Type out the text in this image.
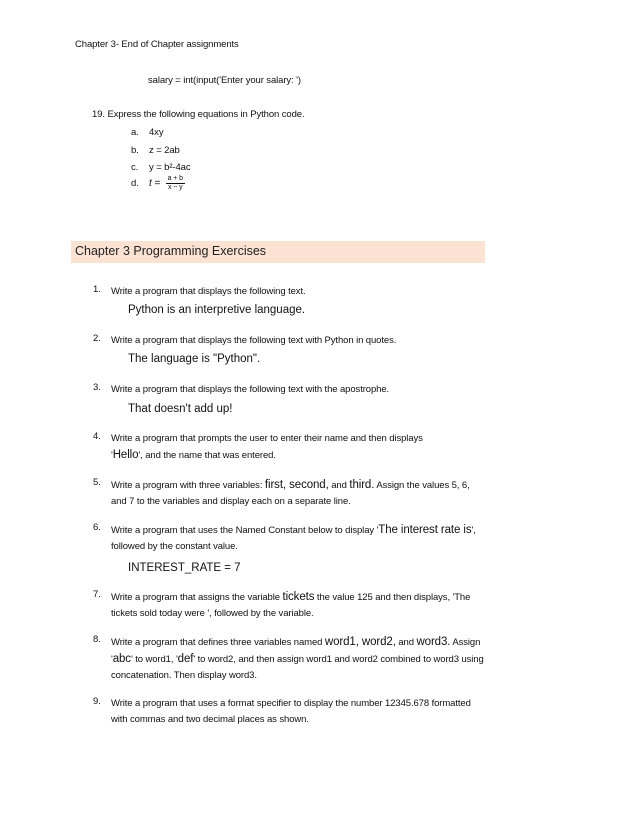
Chapter 3- End of Chapter assignments
salary = int(input('Enter your salary: ')
19. Express the following equations in Python code.
a. 4xy
b. z = 2ab
c. y = b²-4ac
d. $t = \frac{a + b}{x - y}$
Chapter 3 Programming Exercises
1. Write a program that displays the following text.
Python is an interpretive language.
2. Write a program that displays the following text with Python in quotes.
The language is "Python".
3. Write a program that displays the following text with the apostrophe.
That doesn't add up!
4. Write a program that prompts the user to enter their name and then displays
'Hello', and the name that was entered.
5. Write a program with three variables: first, second, and third. Assign the values 5, 6, and 7 to the variables and display each on a separate line.
6. Write a program that uses the Named Constant below to display 'The interest rate is', followed by the constant value.
INTEREST_RATE = 7
7. Write a program that assigns the variable tickets the value 125 and then displays, 'The tickets sold today were ', followed by the variable.
8. Write a program that defines three variables named word1, word2, and word3. Assign 'abc' to word1, 'def' to word2, and then assign word1 and word2 combined to word3 using concatenation. Then display word3.
9. Write a program that uses a format specifier to display the number 12345.678 formatted with commas and two decimal places as shown.
